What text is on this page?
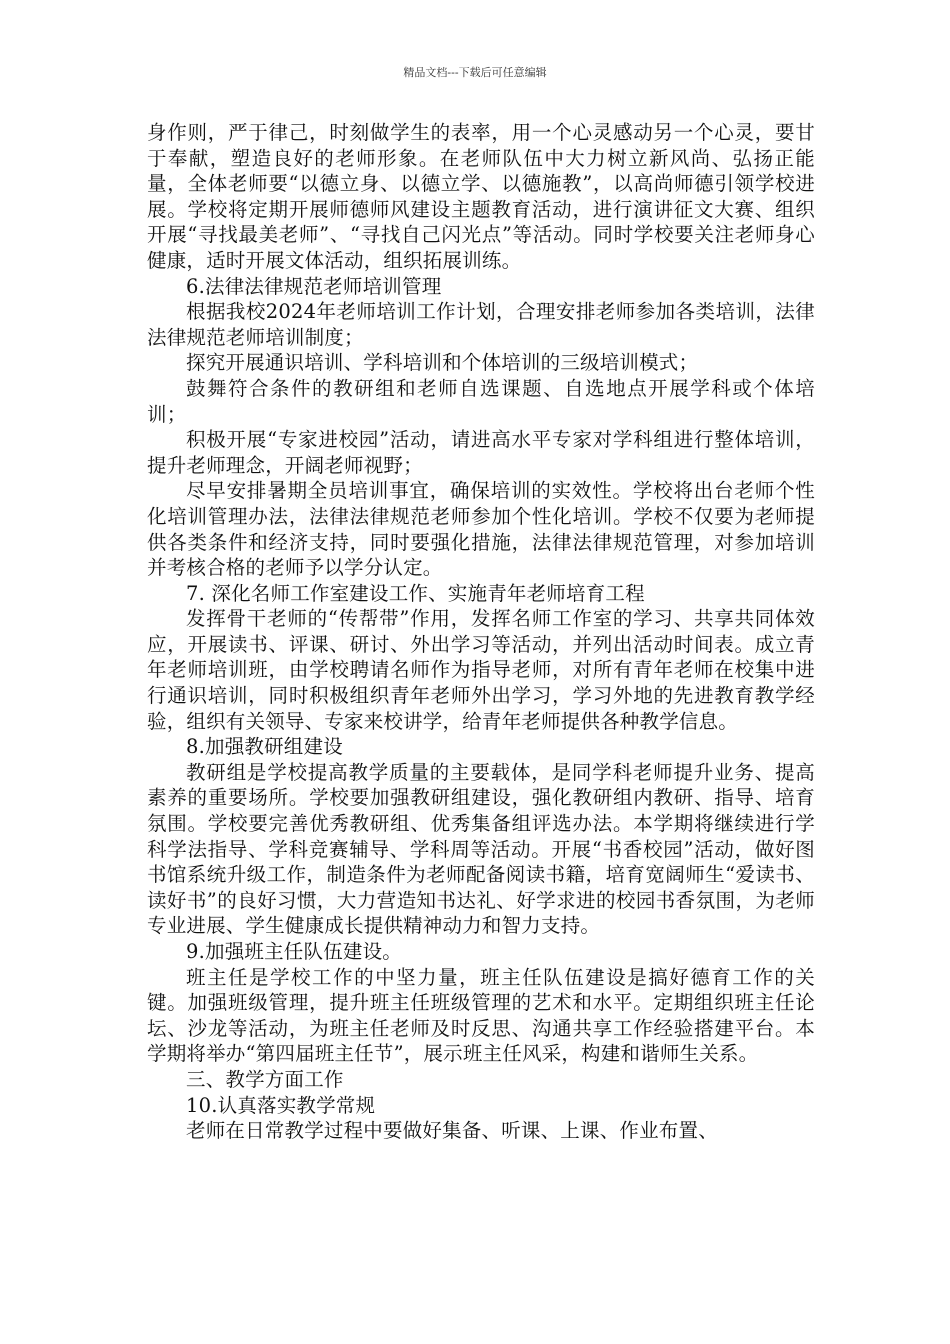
精品文档---下载后可任意编辑

身作则，严于律己，时刻做学生的表率，用一个心灵感动另一个心灵，要甘于奉献，塑造良好的老师形象。在老师队伍中大力树立新风尚、弘扬正能量，全体老师要“以德立身、以德立学、以德施教”，以高尚师德引领学校进展。学校将定期开展师德师风建设主题教育活动，进行演讲征文大赛、组织开展“寻找最美老师”、“寻找自己闪光点”等活动。同时学校要关注老师身心健康，适时开展文体活动，组织拓展训练。

6.法律法律规范老师培训管理

根据我校2024年老师培训工作计划，合理安排老师参加各类培训，法律法律规范老师培训制度；

探究开展通识培训、学科培训和个体培训的三级培训模式；

鼓舞符合条件的教研组和老师自选课题、自选地点开展学科或个体培训；

积极开展“专家进校园”活动，请进高水平专家对学科组进行整体培训，提升老师理念，开阔老师视野；

尽早安排暑期全员培训事宜，确保培训的实效性。学校将出台老师个性化培训管理办法，法律法律规范老师参加个性化培训。学校不仅要为老师提供各类条件和经济支持，同时要强化措施，法律法律规范管理，对参加培训并考核合格的老师予以学分认定。

7. 深化名师工作室建设工作、实施青年老师培育工程

发挥骨干老师的“传帮带”作用，发挥名师工作室的学习、共享共同体效应，开展读书、评课、研讨、外出学习等活动，并列出活动时间表。成立青年老师培训班，由学校聘请名师作为指导老师，对所有青年老师在校集中进行通识培训，同时积极组织青年老师外出学习，学习外地的先进教育教学经验，组织有关领导、专家来校讲学，给青年老师提供各种教学信息。

8.加强教研组建设

教研组是学校提高教学质量的主要载体，是同学科老师提升业务、提高素养的重要场所。学校要加强教研组建设，强化教研组内教研、指导、培育氛围。学校要完善优秀教研组、优秀集备组评选办法。本学期将继续进行学科学法指导、学科竞赛辅导、学科周等活动。开展“书香校园”活动，做好图书馆系统升级工作，制造条件为老师配备阅读书籍，培育宽阔师生“爱读书、读好书”的良好习惯，大力营造知书达礼、好学求进的校园书香氛围，为老师专业进展、学生健康成长提供精神动力和智力支持。

9.加强班主任队伍建设。

班主任是学校工作的中坚力量，班主任队伍建设是搞好德育工作的关键。加强班级管理，提升班主任班级管理的艺术和水平。定期组织班主任论坛、沙龙等活动，为班主任老师及时反思、沟通共享工作经验搭建平台。本学期将举办“第四届班主任节”，展示班主任风采，构建和谐师生关系。

三、教学方面工作

10.认真落实教学常规

老师在日常教学过程中要做好集备、听课、上课、作业布置、
